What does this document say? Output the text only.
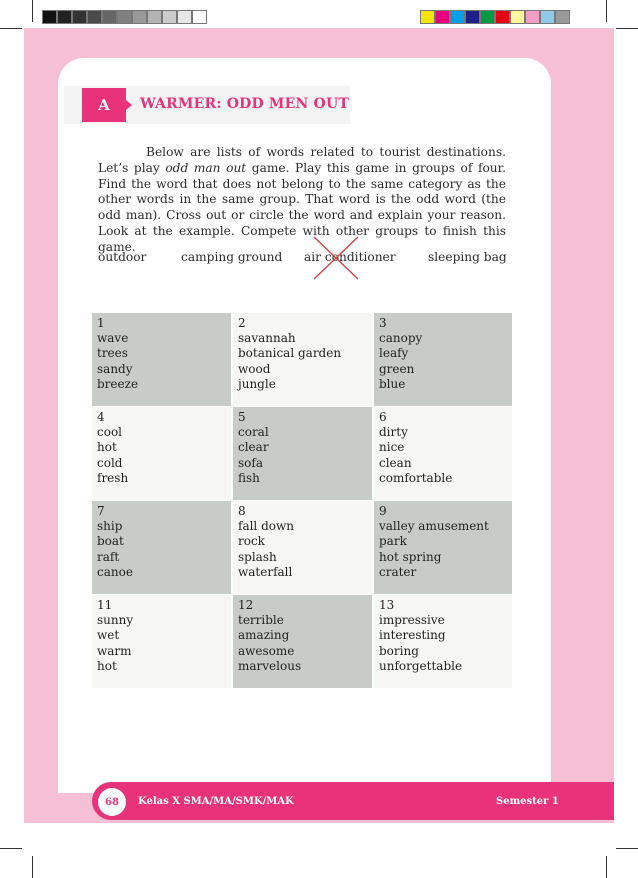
A	WARMER: ODD MEN OUT

Below are lists of words related to tourist destinations. Let’s play odd man out game. Play this game in groups of four. Find the word that does not belong to the same category as the other words in the same group. That word is the odd word (the odd man). Cross out or circle the word and explain your reason. Look at the example. Compete with other groups to finish this game.

outdoor	camping ground air conditioner	sleeping bag
1
wave
trees
sandy
breeze
2
savannah
botanical garden
wood
jungle
3
canopy
leafy
green
blue
4
cool
hot
cold
fresh
5
coral
clear
sofa
fish
6
dirty
nice
clean
comfortable
7
ship
boat
raft
canoe
8
fall down
rock
splash
waterfall
9
valley amusement
park
hot spring
crater
11
sunny
wet
warm
hot
12
terrible
amazing
awesome
marvelous
13
impressive
interesting
boring
unforgettable
68	Kelas X SMA/MA/SMK/MAK	Semester 1
